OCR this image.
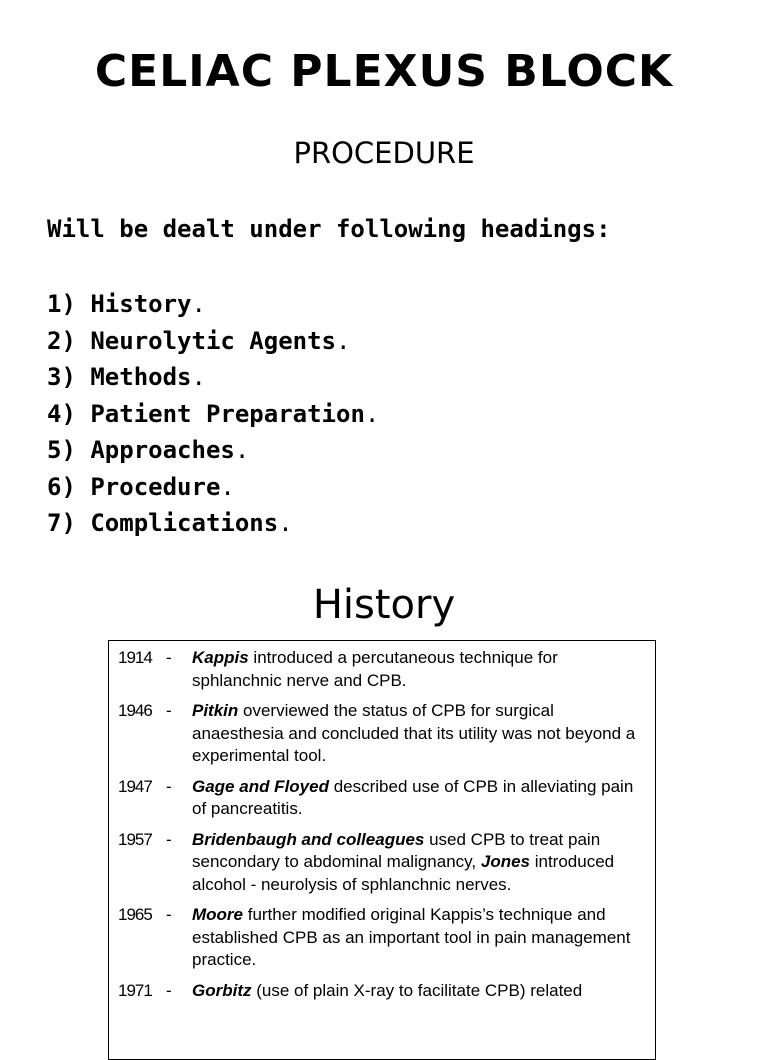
CELIAC PLEXUS BLOCK
PROCEDURE
Will be dealt under following headings:
1) History.
2) Neurolytic Agents.
3) Methods.
4) Patient Preparation.
5) Approaches.
6) Procedure.
7) Complications.
History
1914 -	Kappis introduced a percutaneous technique for sphlanchnic nerve and CPB.
1946 -	Pitkin overviewed the status of CPB for surgical anaesthesia and concluded that its utility was not beyond a experimental tool.
1947 -	Gage and Floyed described use of CPB in alleviating pain of pancreatitis.
1957 -	Bridenbaugh and colleagues used CPB to treat pain sencondary to abdominal malignancy, Jones introduced alcohol - neurolysis of sphlanchnic nerves.
1965 -	Moore further modified original Kappis’s technique and established CPB as an important tool in pain management practice.
1971 -	Gorbitz (use of plain X-ray to facilitate CPB) related
